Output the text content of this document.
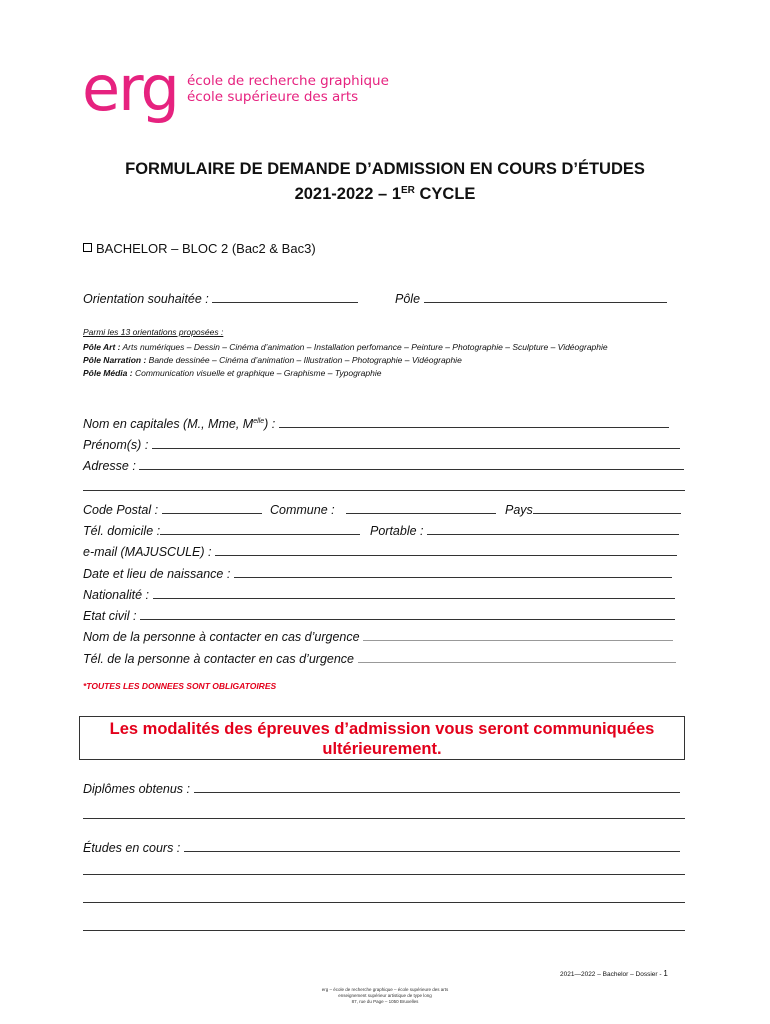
erg école de recherche graphique
école supérieure des arts
FORMULAIRE DE DEMANDE D’ADMISSION EN COURS D’ÉTUDES
2021-2022 – 1ER CYCLE
BACHELOR – BLOC 2 (Bac2 & Bac3)
Orientation souhaitée :	Pôle
Parmi les 13 orientations proposées :
Pôle Art : Arts numériques – Dessin – Cinéma d’animation – Installation perfomance – Peinture – Photographie – Sculpture – Vidéographie
Pôle Narration : Bande dessinée – Cinéma d’animation – Illustration – Photographie – Vidéographie
Pôle Média : Communication visuelle et graphique – Graphisme – Typographie
Nom en capitales (M., Mme, $M^{elle}$) :
Prénom(s) :
Adresse :
Code Postal :	Commune :	Pays
Tél. domicile :	Portable :
e-mail (MAJUSCULE) :
Date et lieu de naissance :
Nationalité :
Etat civil :
Nom de la personne à contacter en cas d’urgence
Tél. de la personne à contacter en cas d’urgence
*TOUTES LES DONNEES SONT OBLIGATOIRES
Les modalités des épreuves d’admission vous seront communiquées
ultérieurement.
Diplômes obtenus :
Études en cours :
2021—2022 – Bachelor – Dossier - 1
erg – école de recherche graphique – école supérieure des arts
enseignement supérieur artistique de type long
87, rue du Page – 1050 Bruxelles
